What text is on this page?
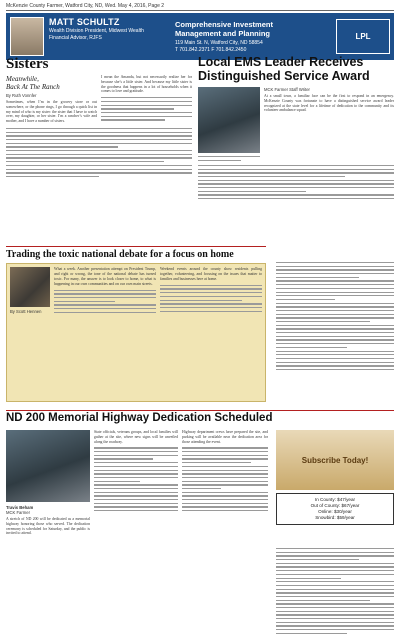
McKenzie County Farmer, Watford City, ND, Wed. May 4, 2016, Page 2
MATT SCHULTZ
Wealth Division President, Midwest Wealth
Financial Advisor, RJFS
Comprehensive Investment
Management and Planning
119 Main St. N, Watford City, ND 58854
T 701.842.2371 F 701.842.2450
LPL
Sisters
Meanwhile,
Back At The Ranch
By Ruth Vonnfer
Sometimes, when I’m in the grocery store or out somewhere, or the phone rings, I go through a quick list in my mind of who is my sister: the sister that I have to watch over, my daughter, or her sister. I’m a rancher’s wife and mother, and I have a number of sisters.
I mean the Amanda, but not necessarily realize her for because she’s a little sister. And because my little sister is the goodness that happens in a lot of households when it comes to love and gratitude.
Local EMS Leader Receives Distinguished Service Award
MCK Farmer Staff Writer
At a small town, a familiar face can be the first to respond in an emergency. McKenzie County was fortunate to have a distinguished service award leader recognized at the state level for a lifetime of dedication to the community and its volunteer ambulance squad.
Trading the toxic national debate for a focus on home
By Scott Hennen
What a week. Another presentation attempt on President Trump, and right or wrong, the tone of the national debate has turned toxic. For many, the answer is to look closer to home, to what is happening in our own communities and on our own main streets.
Weekend events around the county show residents pulling together, volunteering, and focusing on the issues that matter to families and businesses here at home.
ND 200 Memorial Highway Dedication Scheduled
Travis Beham
MCK Farmer
A stretch of ND 200 will be dedicated as a memorial highway honoring those who served. The dedication ceremony is scheduled for Saturday, and the public is invited to attend.
State officials, veterans groups, and local families will gather at the site, where new signs will be unveiled along the roadway.
Highway department crews have prepared the site, and parking will be available near the dedication area for those attending the event.
Subscribe Today!
In County: $47/year
Out of County: $67/year
Online: $30/year
Snowbird: $59/year
